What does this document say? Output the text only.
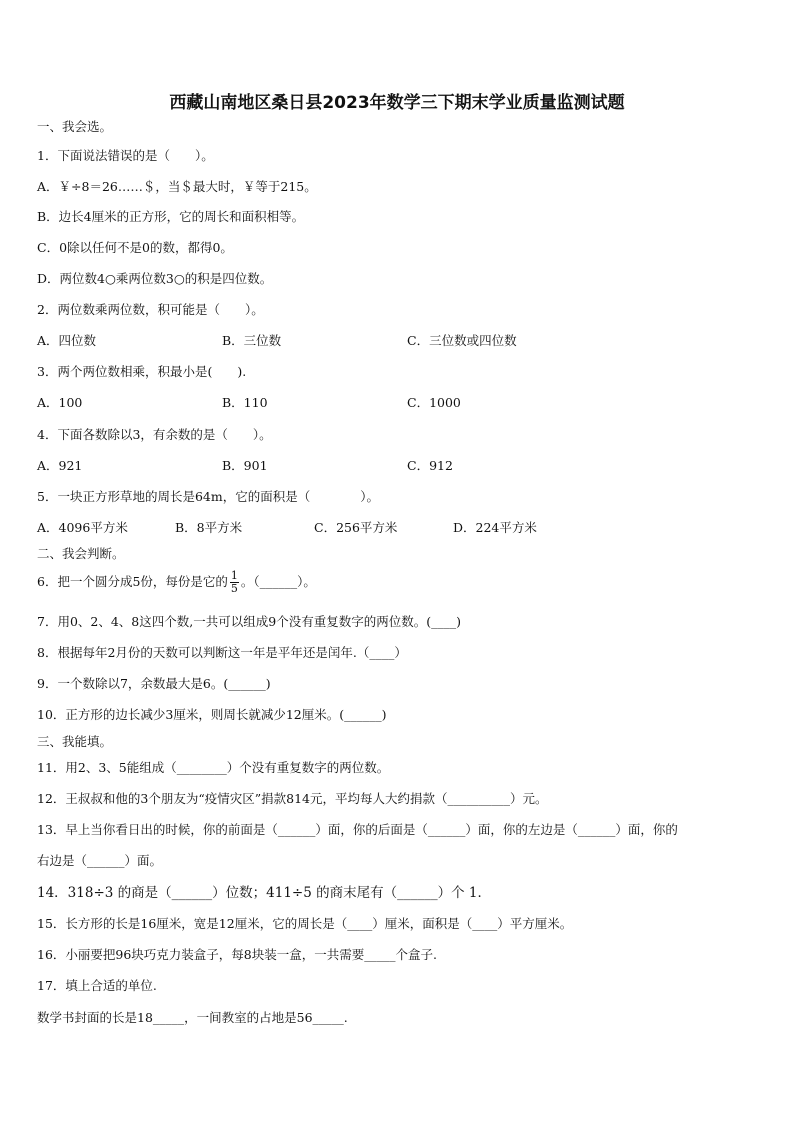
西藏山南地区桑日县2023年数学三下期末学业质量监测试题
一、我会选。
1．下面说法错误的是（　　）。
A．￥÷8＝26……＄，当＄最大时，￥等于215。
B．边长4厘米的正方形，它的周长和面积相等。
C．0除以任何不是0的数，都得0。
D．两位数4○乘两位数3○的积是四位数。
2．两位数乘两位数，积可能是（　　）。
A．四位数	B．三位数	C．三位数或四位数
3．两个两位数相乘，积最小是(　　).
A．100	B．110	C．1000
4．下面各数除以3，有余数的是（　　）。
A．921	B．901	C．912
5．一块正方形草地的周长是64m，它的面积是（　　　　）。
A．4096平方米	B．8平方米	C．256平方米	D．224平方米
二、我会判断。
6．把一个圆分成5份，每份是它的 $\frac{1}{5}$ 。（______）。
7．用0、2、4、8这四个数,一共可以组成9个没有重复数字的两位数。(____)
8．根据每年2月份的天数可以判断这一年是平年还是闰年.（____）
9．一个数除以7，余数最大是6。(______)
10．正方形的边长减少3厘米，则周长就减少12厘米。(______)
三、我能填。
11．用2、3、5能组成（________）个没有重复数字的两位数。
12．王叔叔和他的3个朋友为“疫情灾区”捐款814元，平均每人大约捐款（__________）元。
13．早上当你看日出的时候，你的前面是（______）面，你的后面是（______）面，你的左边是（______）面，你的
右边是（______）面。
14．318÷3 的商是（______）位数；411÷5 的商末尾有（______）个 1．
15．长方形的长是16厘米，宽是12厘米，它的周长是（____）厘米，面积是（____）平方厘米。
16．小丽要把96块巧克力装盒子，每8块装一盒，一共需要_____个盒子.
17．填上合适的单位.
数学书封面的长是18_____，一间教室的占地是56_____.
